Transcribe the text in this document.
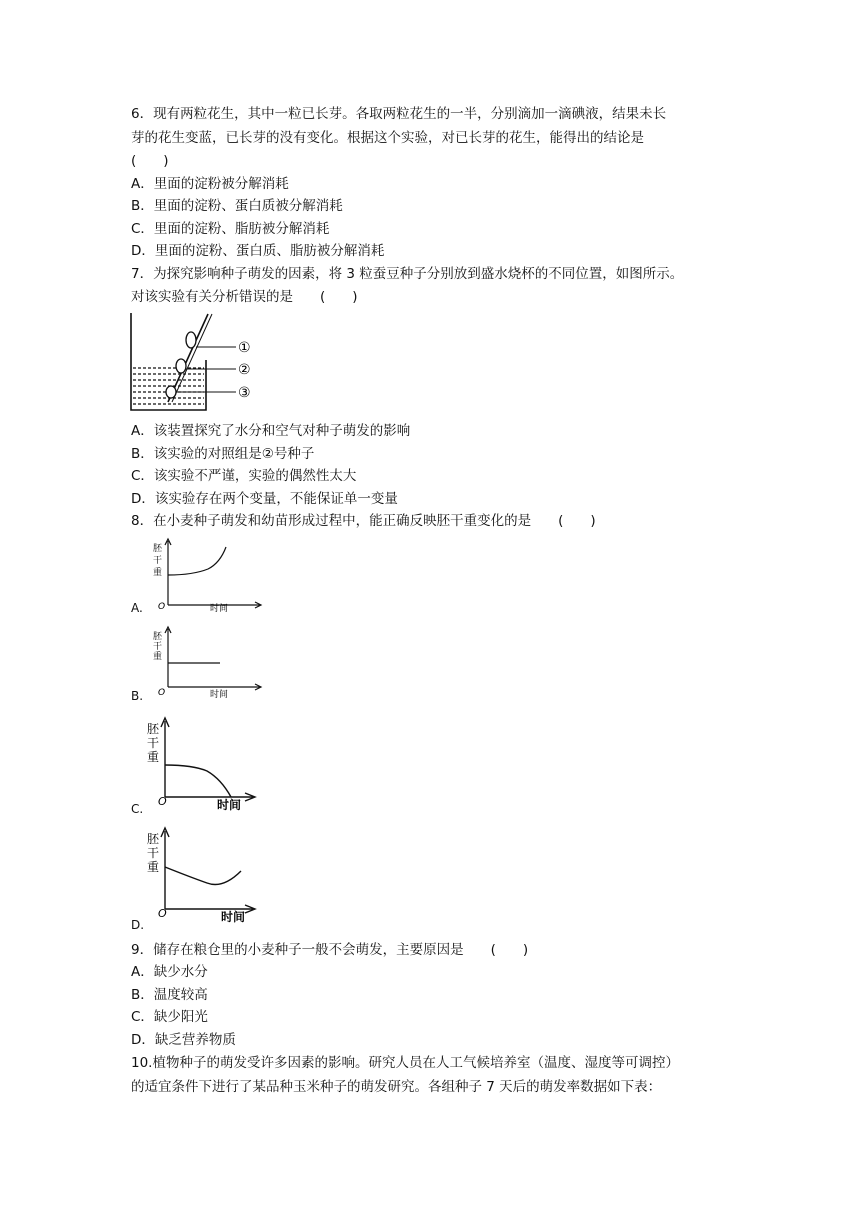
6．现有两粒花生，其中一粒已长芽。各取两粒花生的一半，分别滴加一滴碘液，结果未长
芽的花生变蓝，已长芽的没有变化。根据这个实验，对已长芽的花生，能得出的结论是
(　　)
A．里面的淀粉被分解消耗
B．里面的淀粉、蛋白质被分解消耗
C．里面的淀粉、脂肪被分解消耗
D．里面的淀粉、蛋白质、脂肪被分解消耗
7．为探究影响种子萌发的因素，将 3 粒蚕豆种子分别放到盛水烧杯的不同位置，如图所示。
对该实验有关分析错误的是　　(　　)
①
②
③
A．该装置探究了水分和空气对种子萌发的影响
B．该实验的对照组是②号种子
C．该实验不严谨，实验的偶然性太大
D．该实验存在两个变量，不能保证单一变量
8．在小麦种子萌发和幼苗形成过程中，能正确反映胚干重变化的是　　(　　)
胚
干
重
O	时间
A.
胚
干
重
O	时间
B.
胚
干
重
O	时间
C.
胚
干
重
O	时间
D.
9．储存在粮仓里的小麦种子一般不会萌发，主要原因是　　(　　)
A．缺少水分
B．温度较高
C．缺少阳光
D．缺乏营养物质
10.植物种子的萌发受许多因素的影响。研究人员在人工气候培养室（温度、湿度等可调控）
的适宜条件下进行了某品种玉米种子的萌发研究。各组种子 7 天后的萌发率数据如下表：
